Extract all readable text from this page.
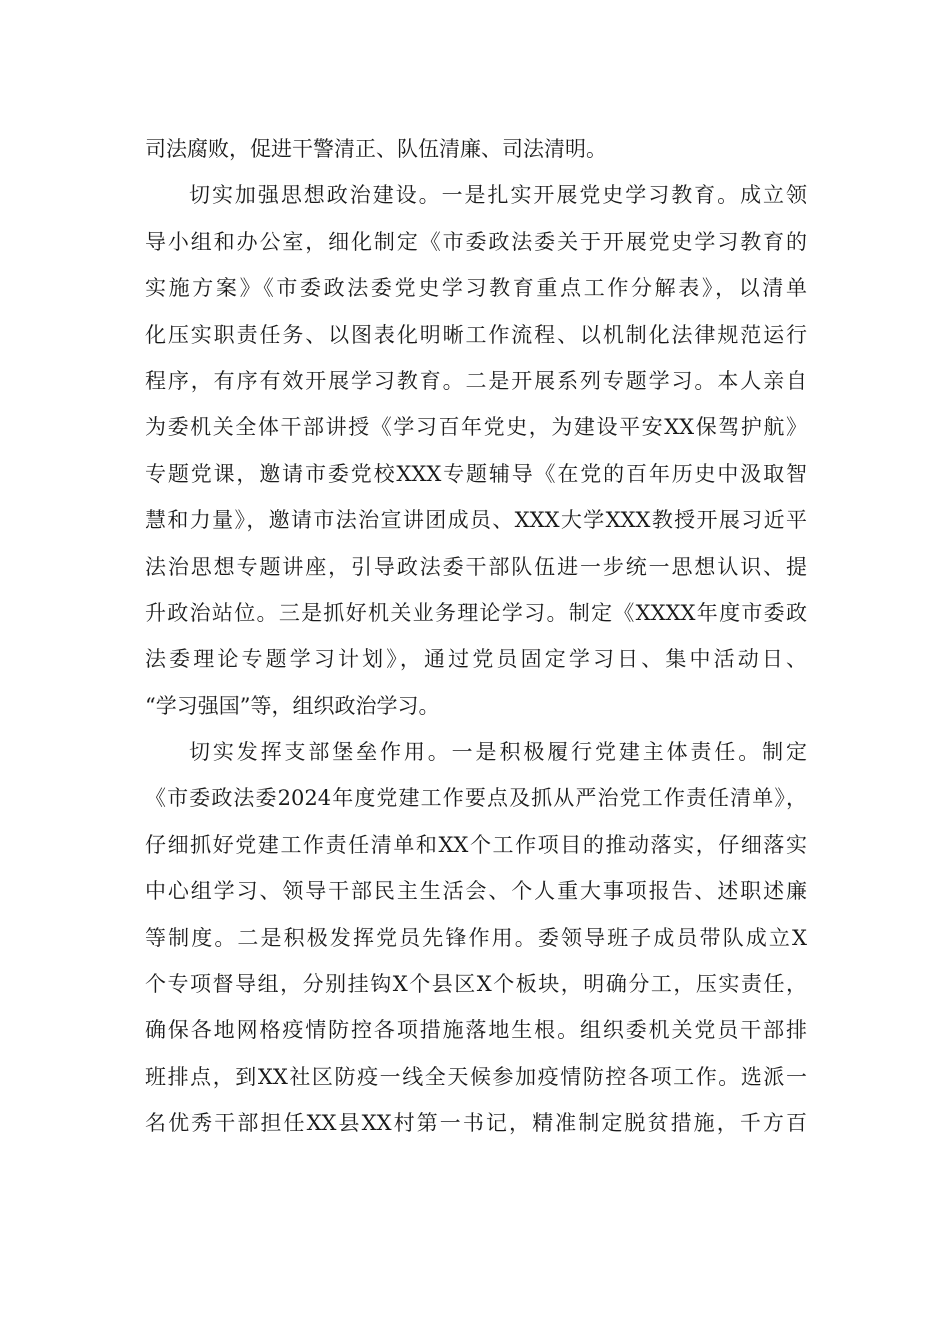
司法腐败，促进干警清正、队伍清廉、司法清明。
切实加强思想政治建设。一是扎实开展党史学习教育。成立领
导小组和办公室，细化制定《市委政法委关于开展党史学习教育的
实施方案》《市委政法委党史学习教育重点工作分解表》，以清单
化压实职责任务、以图表化明晰工作流程、以机制化法律规范运行
程序，有序有效开展学习教育。二是开展系列专题学习。本人亲自
为委机关全体干部讲授《学习百年党史，为建设平安XX保驾护航》
专题党课，邀请市委党校XXX专题辅导《在党的百年历史中汲取智
慧和力量》，邀请市法治宣讲团成员、XXX大学XXX教授开展习近平
法治思想专题讲座，引导政法委干部队伍进一步统一思想认识、提
升政治站位。三是抓好机关业务理论学习。制定《XXXX年度市委政
法委理论专题学习计划》，通过党员固定学习日、集中活动日、
“学习强国”等，组织政治学习。
切实发挥支部堡垒作用。一是积极履行党建主体责任。制定
《市委政法委2024年度党建工作要点及抓从严治党工作责任清单》，
仔细抓好党建工作责任清单和XX个工作项目的推动落实，仔细落实
中心组学习、领导干部民主生活会、个人重大事项报告、述职述廉
等制度。二是积极发挥党员先锋作用。委领导班子成员带队成立X
个专项督导组，分别挂钩X个县区X个板块，明确分工，压实责任，
确保各地网格疫情防控各项措施落地生根。组织委机关党员干部排
班排点，到XX社区防疫一线全天候参加疫情防控各项工作。选派一
名优秀干部担任XX县XX村第一书记，精准制定脱贫措施，千方百
